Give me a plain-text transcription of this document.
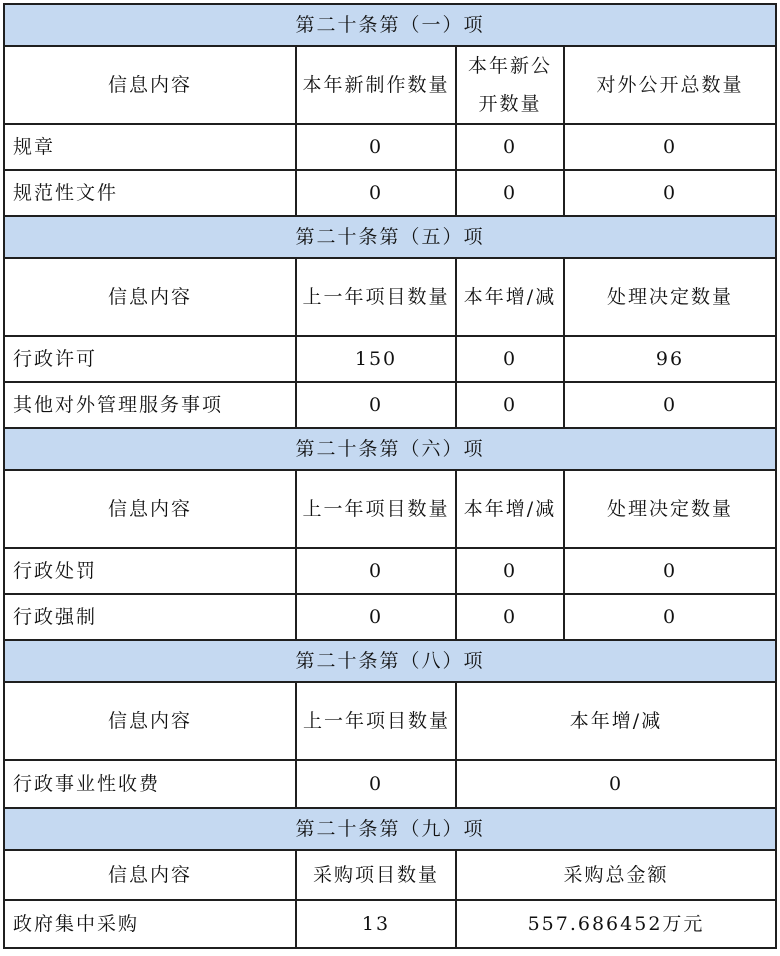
第二十条第（一）项			
信息内容	本年新制作数量	本年新公开数量	对外公开总数量
规章	0	0	0
规范性文件	0	0	0
第二十条第（五）项			
信息内容	上一年项目数量	本年增/减	处理决定数量
行政许可	150	0	96
其他对外管理服务事项	0	0	0
第二十条第（六）项			
信息内容	上一年项目数量	本年增/减	处理决定数量
行政处罚	0	0	0
行政强制	0	0	0
第二十条第（八）项			
信息内容	上一年项目数量	本年增/减	
行政事业性收费	0	0	
第二十条第（九）项			
信息内容	采购项目数量	采购总金额	
政府集中采购	13	557.686452万元	
